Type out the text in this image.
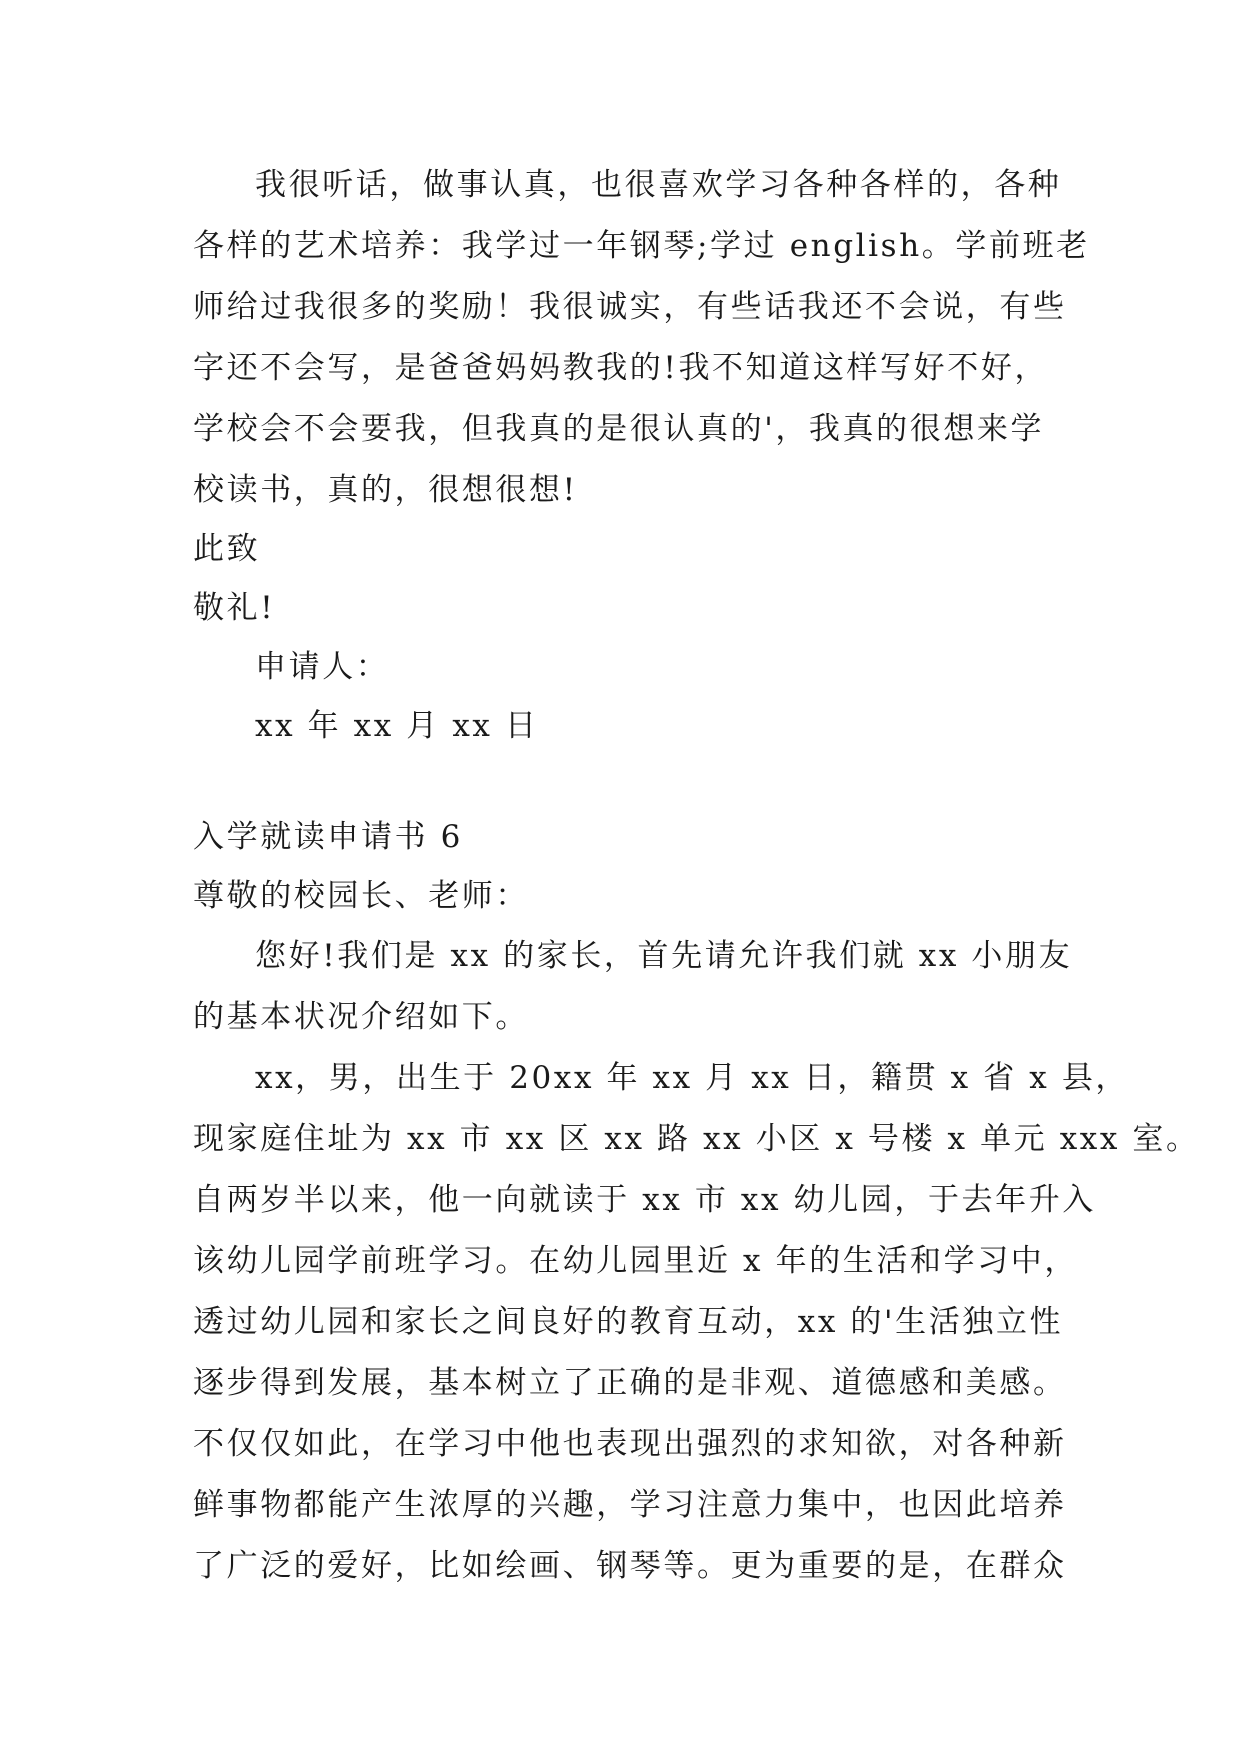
我很听话，做事认真，也很喜欢学习各种各样的，各种
各样的艺术培养：我学过一年钢琴;学过 english。学前班老
师给过我很多的奖励！我很诚实，有些话我还不会说，有些
字还不会写，是爸爸妈妈教我的!我不知道这样写好不好，
学校会不会要我，但我真的是很认真的'，我真的很想来学
校读书，真的，很想很想!
此致
敬礼!
申请人：
xx 年 xx 月 xx 日
入学就读申请书 6
尊敬的校园长、老师：
您好!我们是 xx 的家长，首先请允许我们就 xx 小朋友
的基本状况介绍如下。
xx，男，出生于 20xx 年 xx 月 xx 日，籍贯 x 省 x 县，
现家庭住址为 xx 市 xx 区 xx 路 xx 小区 x 号楼 x 单元 xxx 室。
自两岁半以来，他一向就读于 xx 市 xx 幼儿园，于去年升入
该幼儿园学前班学习。在幼儿园里近 x 年的生活和学习中，
透过幼儿园和家长之间良好的教育互动，xx 的'生活独立性
逐步得到发展，基本树立了正确的是非观、道德感和美感。
不仅仅如此，在学习中他也表现出强烈的求知欲，对各种新
鲜事物都能产生浓厚的兴趣，学习注意力集中，也因此培养
了广泛的爱好，比如绘画、钢琴等。更为重要的是，在群众
